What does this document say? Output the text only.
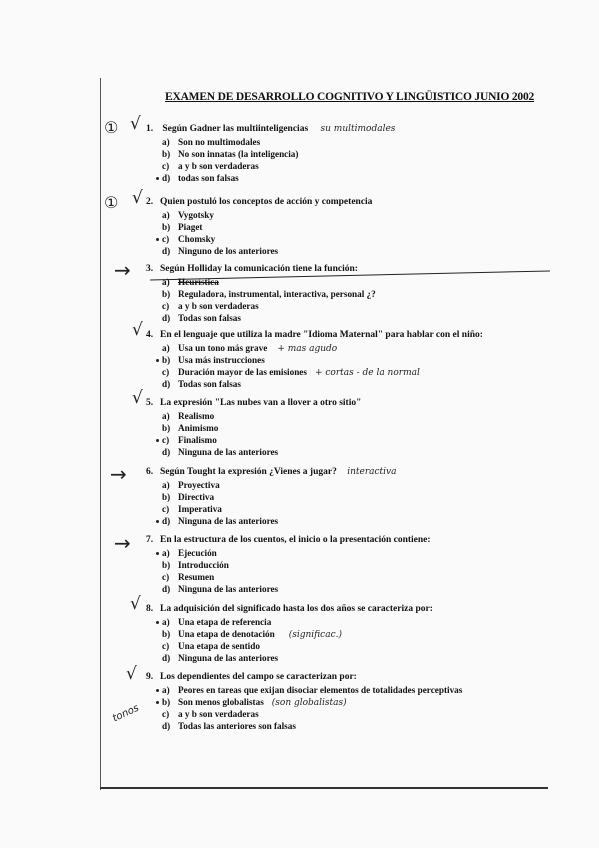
EXAMEN DE DESARROLLO COGNITIVO Y LINGÜISTICO JUNIO 2002
① √ 1. Según Gadner las multiinteligencias su multimodales
a) Son no multimodales
b) No son innatas (la inteligencia)
c) a y b son verdaderas
d) todas son falsas
① √ 2. Quien postuló los conceptos de acción y competencia
a) Vygotsky
b) Piaget
c) Chomsky
d) Ninguno de los anteriores
→ 3. Según Holliday la comunicación tiene la función:
a) Heurística
b) Reguladora, instrumental, interactiva, personal ¿?
c) a y b son verdaderas
d) Todas son falsas
√ 4. En el lenguaje que utiliza la madre "Idioma Maternal" para hablar con el niño:
a) Usa un tono más grave + mas agudo
b) Usa más instrucciones
c) Duración mayor de las emisiones + cortas - de la normal
d) Todas son falsas
√ 5. La expresión "Las nubes van a llover a otro sitio"
a) Realismo
b) Animismo
c) Finalismo
d) Ninguna de las anteriores
→ 6. Según Tought la expresión ¿Vienes a jugar? interactiva
a) Proyectiva
b) Directiva
c) Imperativa
d) Ninguna de las anteriores
→ 7. En la estructura de los cuentos, el inicio o la presentación contiene:
a) Ejecución
b) Introducción
c) Resumen
d) Ninguna de las anteriores
√ 8. La adquisición del significado hasta los dos años se caracteriza por:
a) Una etapa de referencia
b) Una etapa de denotación (significac.)
c) Una etapa de sentido
d) Ninguna de las anteriores
√ 9. Los dependientes del campo se caracterizan por:
a) Peores en tareas que exijan disociar elementos de totalidades perceptivas
tonos
b) Son menos globalistas (son globalistas)
c) a y b son verdaderas
d) Todas las anteriores son falsas
